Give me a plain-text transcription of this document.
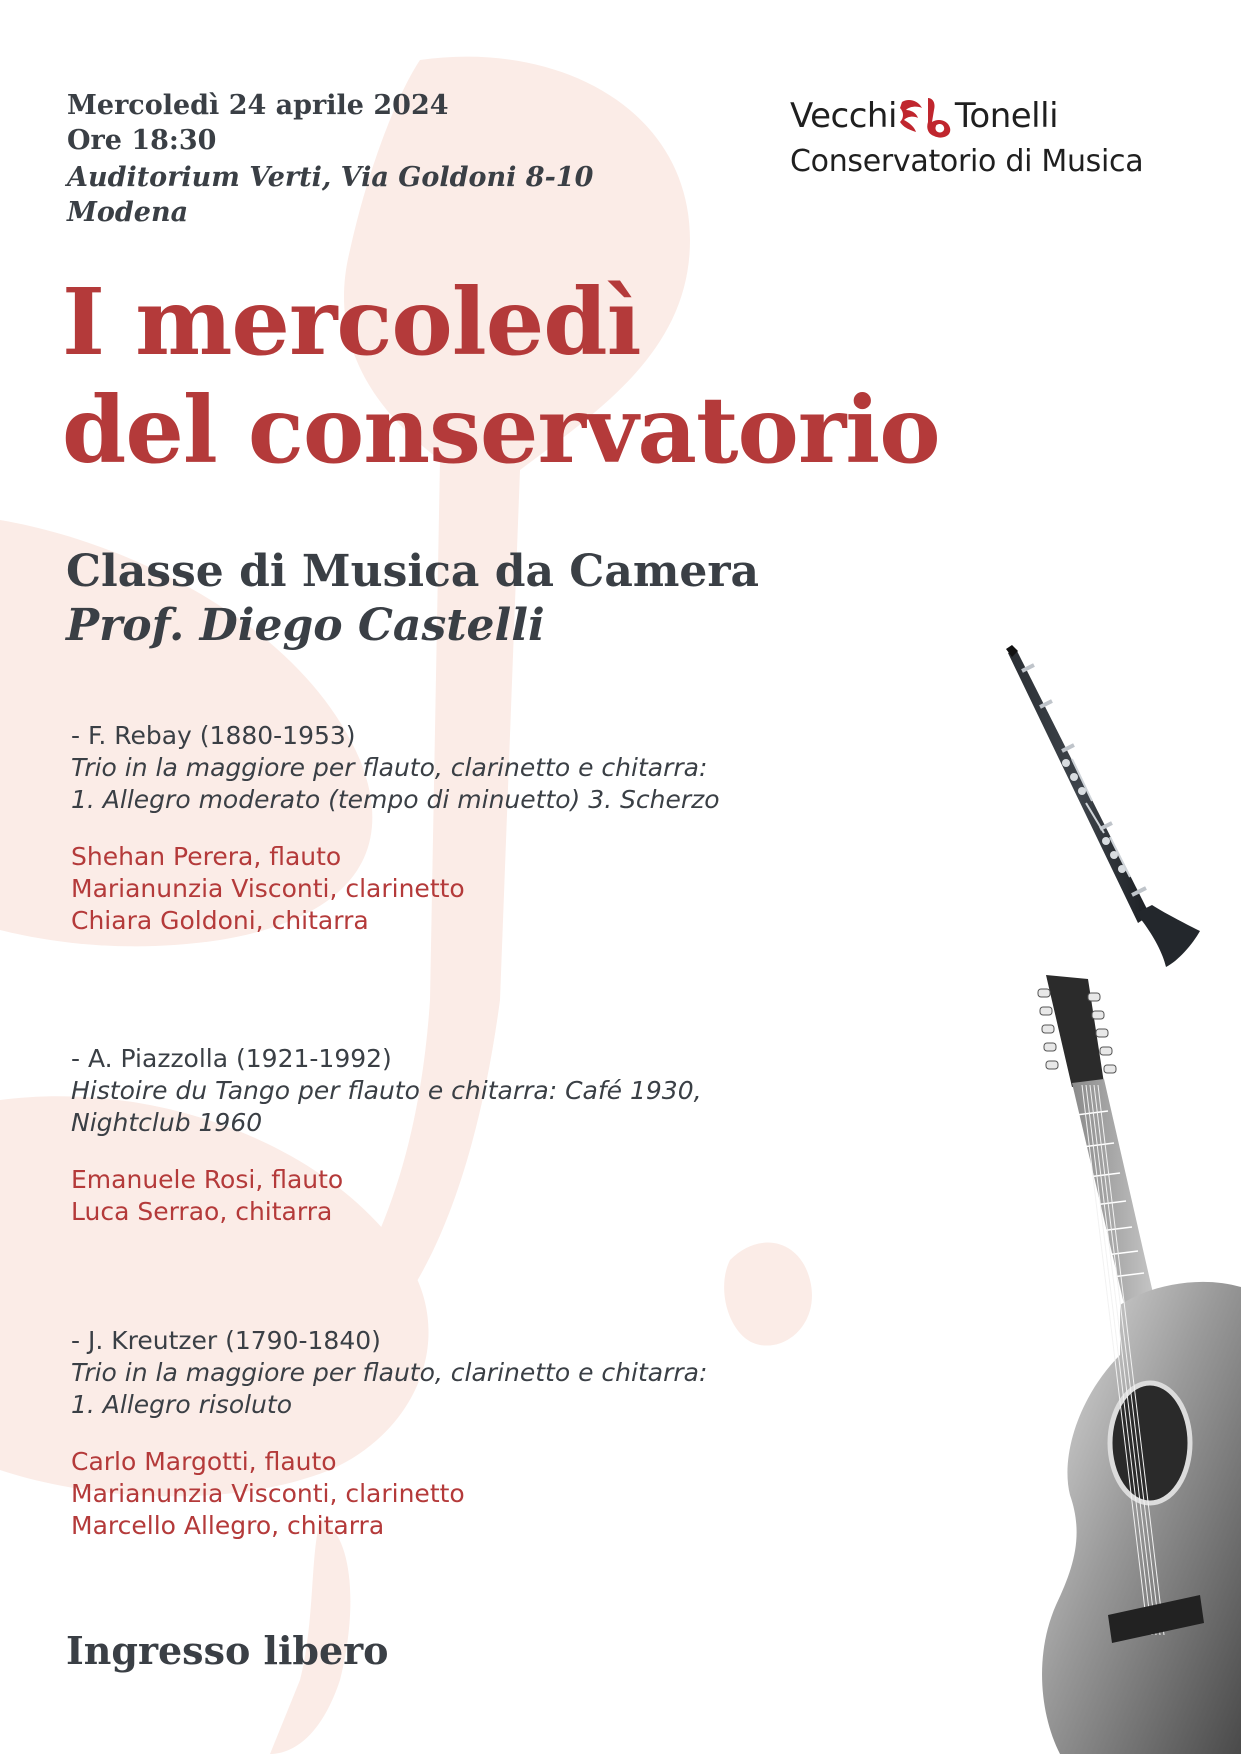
Mercoledì 24 aprile 2024
Ore 18:30
Auditorium Verti, Via Goldoni 8-10
Modena
Vecchi Tonelli
Conservatorio di Musica
I mercoledì
del conservatorio
Classe di Musica da Camera
Prof. Diego Castelli
- F. Rebay (1880-1953)
Trio in la maggiore per flauto, clarinetto e chitarra:
1. Allegro moderato (tempo di minuetto) 3. Scherzo
Shehan Perera, flauto
Marianunzia Visconti, clarinetto
Chiara Goldoni, chitarra
- A. Piazzolla (1921-1992)
Histoire du Tango per flauto e chitarra: Café 1930,
Nightclub 1960
Emanuele Rosi, flauto
Luca Serrao, chitarra
- J. Kreutzer (1790-1840)
Trio in la maggiore per flauto, clarinetto e chitarra:
1. Allegro risoluto
Carlo Margotti, flauto
Marianunzia Visconti, clarinetto
Marcello Allegro, chitarra
Ingresso libero
